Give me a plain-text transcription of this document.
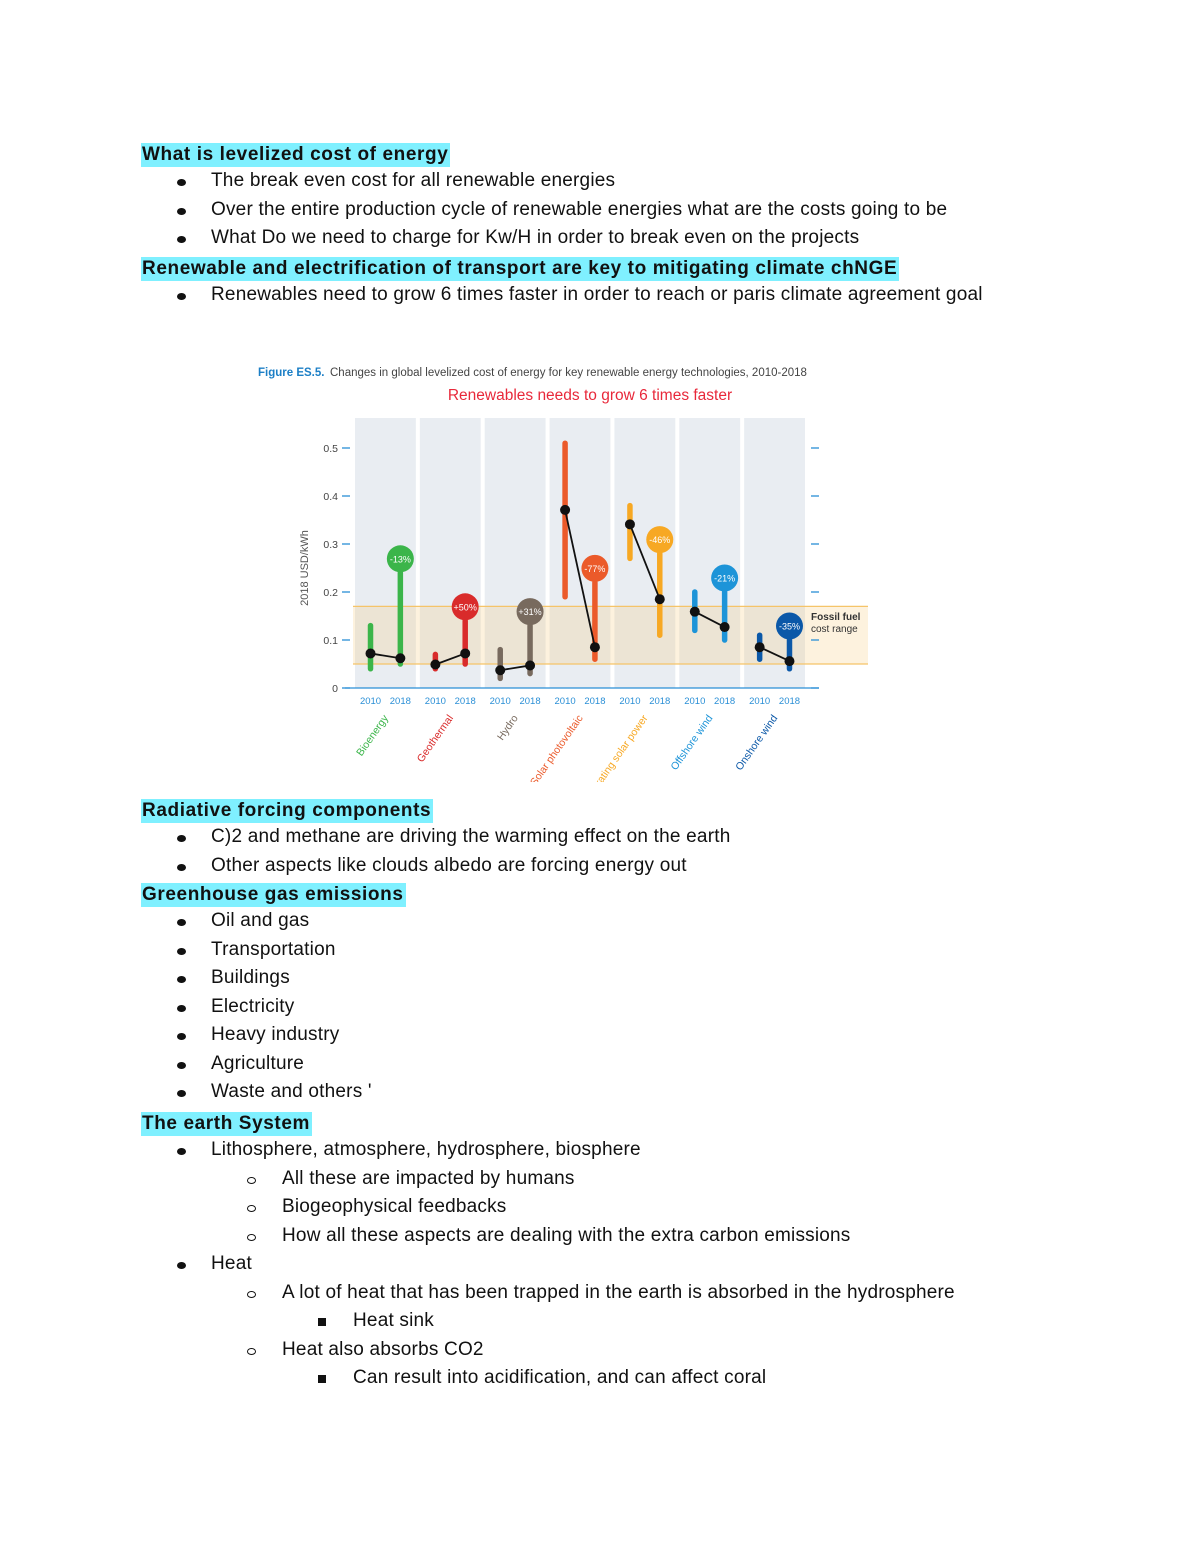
What is levelized cost of energy
The break even cost for all renewable energies
Over the entire production cycle of renewable energies what are the costs going to be
What Do we need to charge for Kw/H in order to break even on the projects
Renewable and electrification of transport are key to mitigating climate chNGE
Renewables need to grow 6 times faster in order to reach or paris climate agreement goal
Radiative forcing components
C)2 and methane are driving the warming effect on the earth
Other aspects like clouds albedo are forcing energy out
Greenhouse gas emissions
Oil and gas
Transportation
Buildings
Electricity
Heavy industry
Agriculture
Waste and others '
The earth System
Lithosphere, atmosphere, hydrosphere, biosphere
All these are impacted by humans
Biogeophysical feedbacks
How all these aspects are dealing with the extra carbon emissions
Heat
A lot of heat that has been trapped in the earth is absorbed in the hydrosphere
Heat sink
Heat also absorbs CO2
Can result into acidification, and can affect coral
Figure ES.5. Changes in global levelized cost of energy for key renewable energy technologies, 2010-2018
Renewables needs to grow 6 times faster
0
0.1
0.2
0.3
0.4
0.5
-13%
2010 2018
Bioenergy
+50%
2010 2018
Geothermal
+31%
2010 2018
Hydro
-77%
2010 2018
Solar photovoltaic
-46%
2010 2018
Concentrating solar power
-21%
2010 2018
Offshore wind
-35%
2010 2018
Onshore wind
2018 USD/kWh
Fossil fuel
cost range
